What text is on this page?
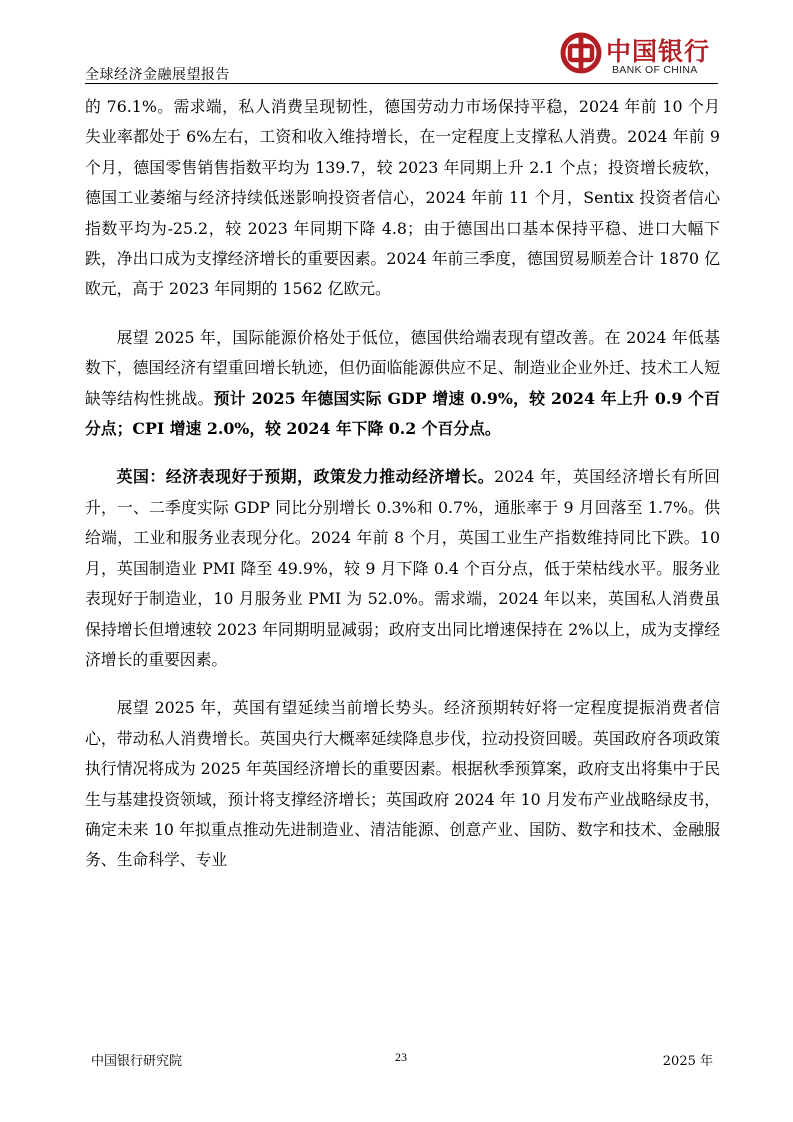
全球经济金融展望报告
中国银行
BANK OF CHINA

的 76.1%。需求端，私人消费呈现韧性，德国劳动力市场保持平稳，2024 年前 10 个月失业率都处于 6%左右，工资和收入维持增长，在一定程度上支撑私人消费。2024 年前 9 个月，德国零售销售指数平均为 139.7，较 2023 年同期上升 2.1 个点；投资增长疲软，德国工业萎缩与经济持续低迷影响投资者信心，2024 年前 11 个月，Sentix 投资者信心指数平均为-25.2，较 2023 年同期下降 4.8；由于德国出口基本保持平稳、进口大幅下跌，净出口成为支撑经济增长的重要因素。2024 年前三季度，德国贸易顺差合计 1870 亿欧元，高于 2023 年同期的 1562 亿欧元。

展望 2025 年，国际能源价格处于低位，德国供给端表现有望改善。在 2024 年低基数下，德国经济有望重回增长轨迹，但仍面临能源供应不足、制造业企业外迁、技术工人短缺等结构性挑战。预计 2025 年德国实际 GDP 增速 0.9%，较 2024 年上升 0.9 个百分点；CPI 增速 2.0%，较 2024 年下降 0.2 个百分点。

英国：经济表现好于预期，政策发力推动经济增长。2024 年，英国经济增长有所回升，一、二季度实际 GDP 同比分别增长 0.3%和 0.7%，通胀率于 9 月回落至 1.7%。供给端，工业和服务业表现分化。2024 年前 8 个月，英国工业生产指数维持同比下跌。10 月，英国制造业 PMI 降至 49.9%，较 9 月下降 0.4 个百分点，低于荣枯线水平。服务业表现好于制造业，10 月服务业 PMI 为 52.0%。需求端，2024 年以来，英国私人消费虽保持增长但增速较 2023 年同期明显减弱；政府支出同比增速保持在 2%以上，成为支撑经济增长的重要因素。

展望 2025 年，英国有望延续当前增长势头。经济预期转好将一定程度提振消费者信心，带动私人消费增长。英国央行大概率延续降息步伐，拉动投资回暖。英国政府各项政策执行情况将成为 2025 年英国经济增长的重要因素。根据秋季预算案，政府支出将集中于民生与基建投资领域，预计将支撑经济增长；英国政府 2024 年 10 月发布产业战略绿皮书，确定未来 10 年拟重点推动先进制造业、清洁能源、创意产业、国防、数字和技术、金融服务、生命科学、专业

中国银行研究院	23	2025 年
